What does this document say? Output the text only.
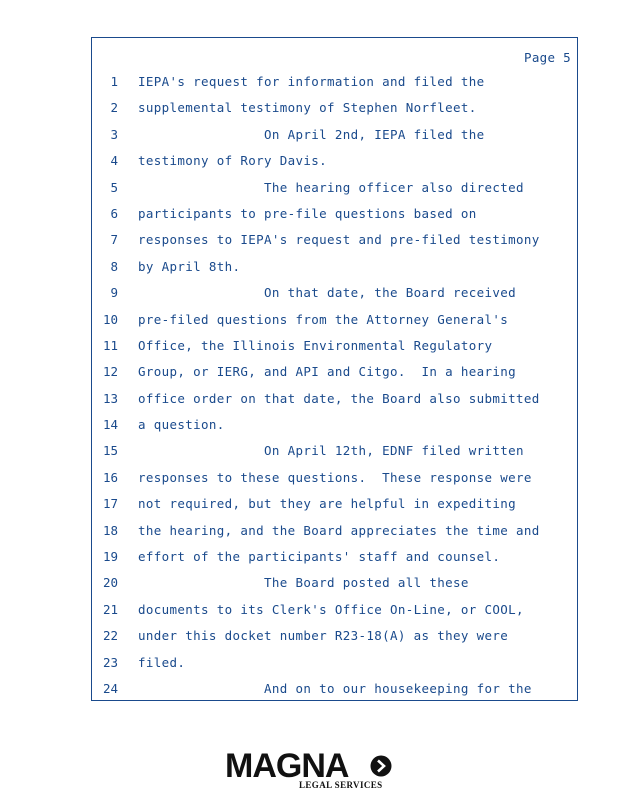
Page 5
1 IEPA's request for information and filed the
2 supplemental testimony of Stephen Norfleet.
3 On April 2nd, IEPA filed the
4 testimony of Rory Davis.
5 The hearing officer also directed
6 participants to pre-file questions based on
7 responses to IEPA's request and pre-filed testimony
8 by April 8th.
9 On that date, the Board received
10 pre-filed questions from the Attorney General's
11 Office, the Illinois Environmental Regulatory
12 Group, or IERG, and API and Citgo.  In a hearing
13 office order on that date, the Board also submitted
14 a question.
15 On April 12th, EDNF filed written
16 responses to these questions.  These response were
17 not required, but they are helpful in expediting
18 the hearing, and the Board appreciates the time and
19 effort of the participants' staff and counsel.
20 The Board posted all these
21 documents to its Clerk's Office On-Line, or COOL,
22 under this docket number R23-18(A) as they were
23 filed.
24 And on to our housekeeping for the
MAGNA
LEGAL SERVICES
